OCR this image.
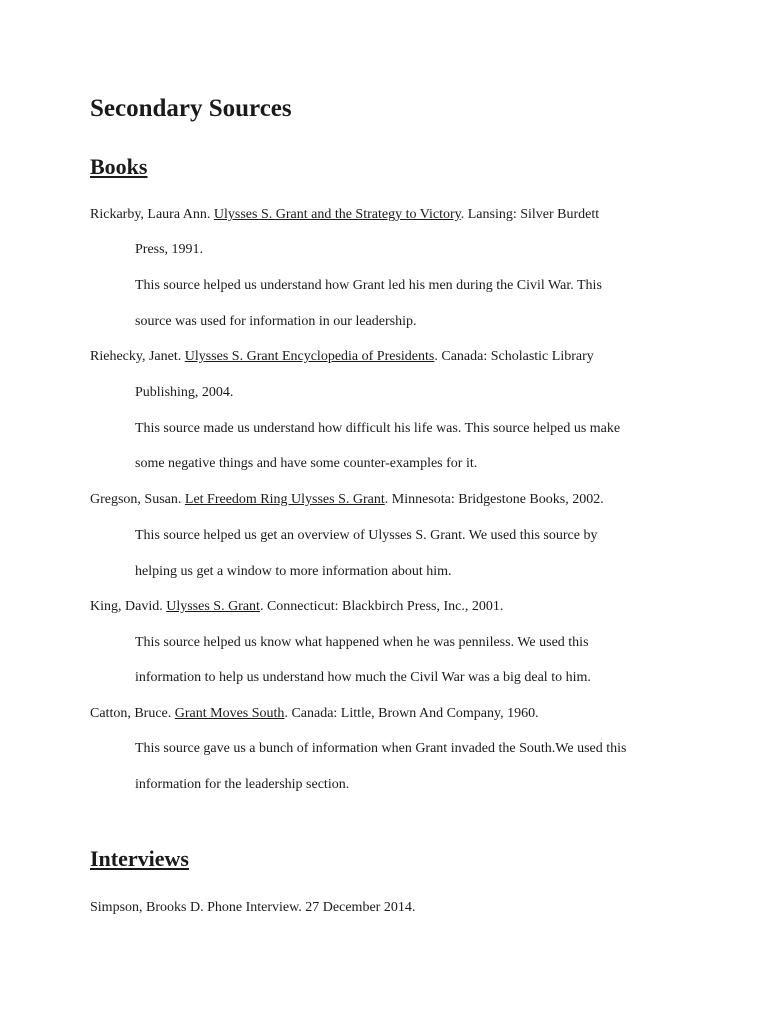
Secondary Sources
Books
Rickarby, Laura Ann. Ulysses S. Grant and the Strategy to Victory. Lansing: Silver Burdett
Press, 1991.
This source helped us understand how Grant led his men during the Civil War. This
source was used for information in our leadership.
Riehecky, Janet. Ulysses S. Grant Encyclopedia of Presidents. Canada: Scholastic Library
Publishing, 2004.
This source made us understand how difficult his life was. This source helped us make
some negative things and have some counter-examples for it.
Gregson, Susan. Let Freedom Ring Ulysses S. Grant. Minnesota: Bridgestone Books, 2002.
This source helped us get an overview of Ulysses S. Grant. We used this source by
helping us get a window to more information about him.
King, David. Ulysses S. Grant. Connecticut: Blackbirch Press, Inc., 2001.
This source helped us know what happened when he was penniless. We used this
information to help us understand how much the Civil War was a big deal to him.
Catton, Bruce. Grant Moves South. Canada: Little, Brown And Company, 1960.
This source gave us a bunch of information when Grant invaded the South.We used this
information for the leadership section.
Interviews
Simpson, Brooks D. Phone Interview. 27 December 2014.
